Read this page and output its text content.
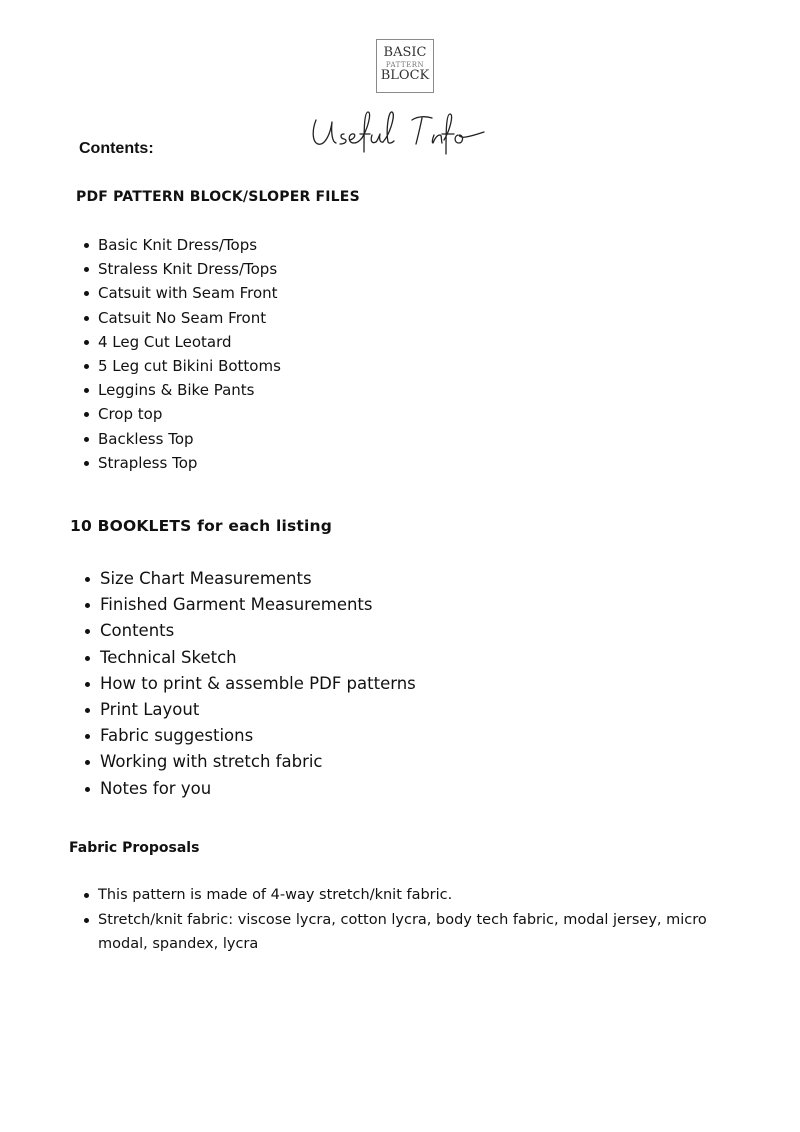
BASIC
PATTERN
BLOCK
Contents:
PDF PATTERN BLOCK/SLOPER FILES
Basic Knit Dress/Tops
Straless Knit Dress/Tops
Catsuit with Seam Front
Catsuit No Seam Front
4 Leg Cut Leotard
5 Leg cut Bikini Bottoms
Leggins & Bike Pants
Crop top
Backless Top
Strapless Top
10 BOOKLETS for each listing
Size Chart Measurements
Finished Garment Measurements
Contents
Technical Sketch
How to print & assemble PDF patterns
Print Layout
Fabric suggestions
Working with stretch fabric
Notes for you
Fabric Proposals
This pattern is made of 4-way stretch/knit fabric.
Stretch/knit fabric: viscose lycra, cotton lycra, body tech fabric, modal jersey, micro modal, spandex, lycra
